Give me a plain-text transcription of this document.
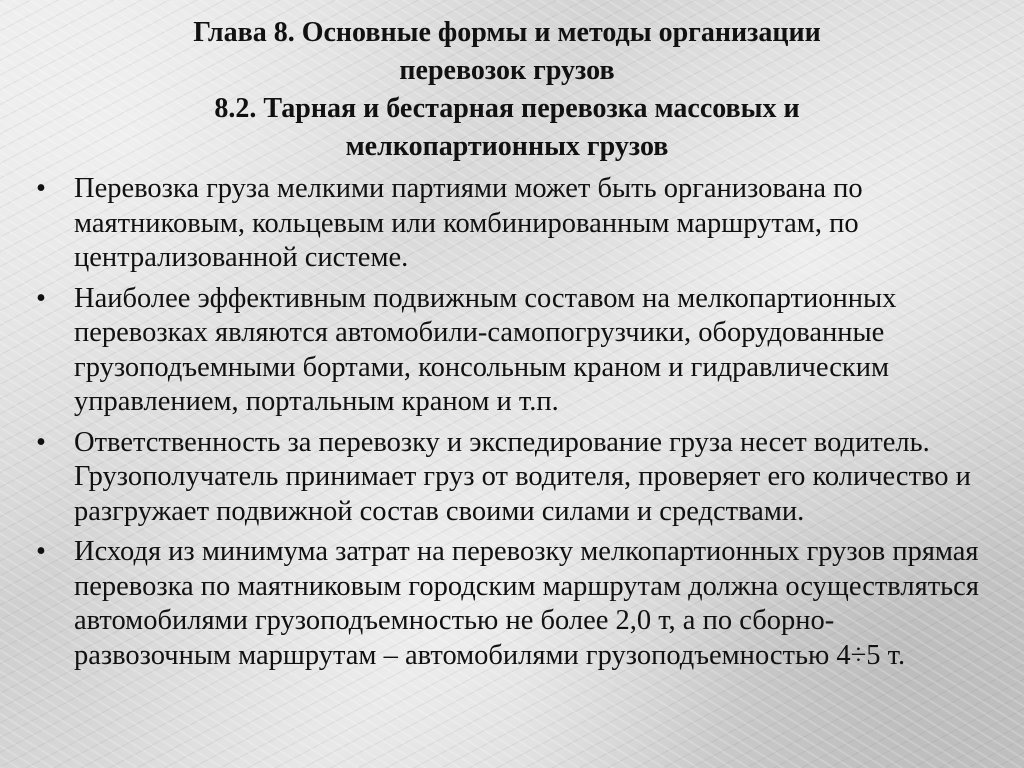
Глава 8. Основные формы и методы организации
перевозок грузов
8.2. Тарная и бестарная перевозка массовых и
мелкопартионных грузов
• Перевозка груза мелкими партиями может быть организована по маятниковым, кольцевым или комбинированным маршрутам, по централизованной системе.
• Наиболее эффективным подвижным составом на мелкопартионных перевозках являются автомобили-самопогрузчики, оборудованные грузоподъемными бортами, консольным краном и гидравлическим управлением, портальным краном и т.п.
• Ответственность за перевозку и экспедирование груза несет водитель. Грузополучатель принимает груз от водителя, проверяет его количество и разгружает подвижной состав своими силами и средствами.
• Исходя из минимума затрат на перевозку мелкопартионных грузов прямая перевозка по маятниковым городским маршрутам должна осуществляться автомобилями грузоподъемностью не более 2,0 т, а по сборно-развозочным маршрутам – автомобилями грузоподъемностью 4÷5 т.
